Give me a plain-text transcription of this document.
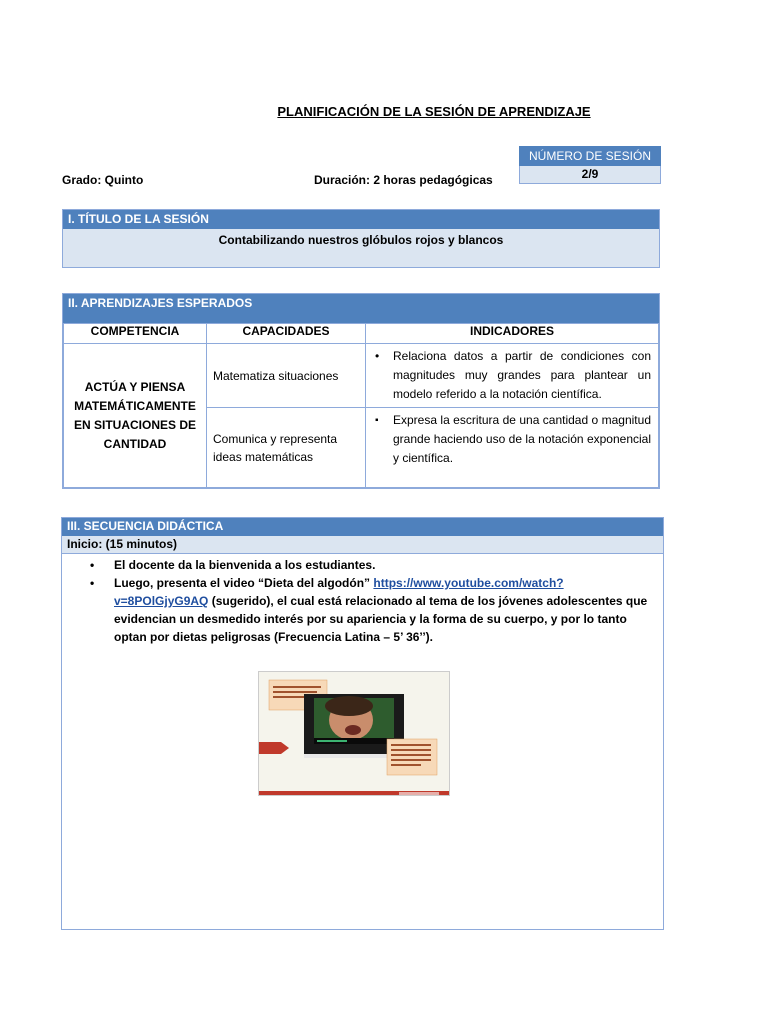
PLANIFICACIÓN DE LA SESIÓN DE APRENDIZAJE
NÚMERO DE SESIÓN
2/9
Grado: Quinto	Duración: 2 horas pedagógicas
I. TÍTULO DE LA SESIÓN
Contabilizando nuestros glóbulos rojos y blancos
II. APRENDIZAJES ESPERADOS
COMPETENCIA	CAPACIDADES	INDICADORES
ACTÚA Y PIENSA MATEMÁTICAMENTE EN SITUACIONES DE CANTIDAD	Matematiza situaciones	• Relaciona datos a partir de condiciones con magnitudes muy grandes para plantear un modelo referido a la notación científica.

	Comunica y representa ideas matemáticas	▪ Expresa la escritura de una cantidad o magnitud grande haciendo uso de la notación exponencial y científica.
III. SECUENCIA DIDÁCTICA
Inicio: (15 minutos)
• El docente da la bienvenida a los estudiantes.
• Luego, presenta el video “Dieta del algodón” https://www.youtube.com/watch?v=8POlGjyG9AQ (sugerido), el cual está relacionado al tema de los jóvenes adolescentes que evidencian un desmedido interés por su apariencia y la forma de su cuerpo, y por lo tanto optan por dietas peligrosas (Frecuencia Latina – 5’ 36’’).
